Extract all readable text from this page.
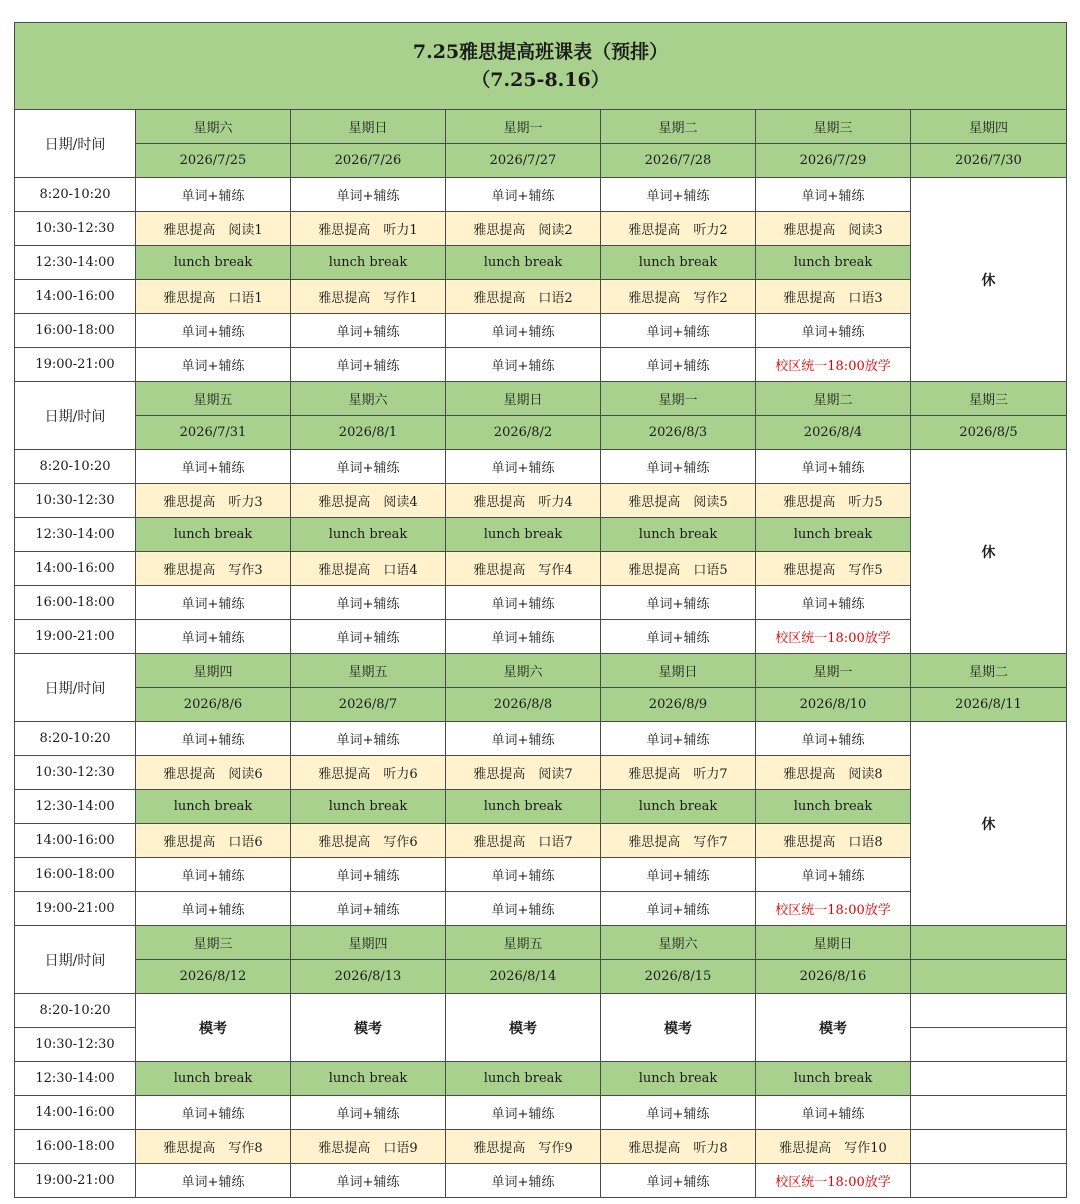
7.25雅思提高班课表（预排）
（7.25-8.16）						

日期/时间	星期六	星期日	星期一	星期二	星期三	星期四
	2026/7/25	2026/7/26	2026/7/27	2026/7/28	2026/7/29	2026/7/30
8:20-10:20	单词+辅练	单词+辅练	单词+辅练	单词+辅练	单词+辅练	休
10:30-12:30	雅思提高　阅读1	雅思提高　听力1	雅思提高　阅读2	雅思提高　听力2	雅思提高　阅读3	
12:30-14:00	lunch break	lunch break	lunch break	lunch break	lunch break	
14:00-16:00	雅思提高　口语1	雅思提高　写作1	雅思提高　口语2	雅思提高　写作2	雅思提高　口语3	
16:00-18:00	单词+辅练	单词+辅练	单词+辅练	单词+辅练	单词+辅练	
19:00-21:00	单词+辅练	单词+辅练	单词+辅练	单词+辅练	校区统一18:00放学	
日期/时间	星期五	星期六	星期日	星期一	星期二	星期三
	2026/7/31	2026/8/1	2026/8/2	2026/8/3	2026/8/4	2026/8/5
8:20-10:20	单词+辅练	单词+辅练	单词+辅练	单词+辅练	单词+辅练	休
10:30-12:30	雅思提高　听力3	雅思提高　阅读4	雅思提高　听力4	雅思提高　阅读5	雅思提高　听力5	
12:30-14:00	lunch break	lunch break	lunch break	lunch break	lunch break	
14:00-16:00	雅思提高　写作3	雅思提高　口语4	雅思提高　写作4	雅思提高　口语5	雅思提高　写作5	
16:00-18:00	单词+辅练	单词+辅练	单词+辅练	单词+辅练	单词+辅练	
19:00-21:00	单词+辅练	单词+辅练	单词+辅练	单词+辅练	校区统一18:00放学	
日期/时间	星期四	星期五	星期六	星期日	星期一	星期二
	2026/8/6	2026/8/7	2026/8/8	2026/8/9	2026/8/10	2026/8/11
8:20-10:20	单词+辅练	单词+辅练	单词+辅练	单词+辅练	单词+辅练	休
10:30-12:30	雅思提高　阅读6	雅思提高　听力6	雅思提高　阅读7	雅思提高　听力7	雅思提高　阅读8	
12:30-14:00	lunch break	lunch break	lunch break	lunch break	lunch break	
14:00-16:00	雅思提高　口语6	雅思提高　写作6	雅思提高　口语7	雅思提高　写作7	雅思提高　口语8	
16:00-18:00	单词+辅练	单词+辅练	单词+辅练	单词+辅练	单词+辅练	
19:00-21:00	单词+辅练	单词+辅练	单词+辅练	单词+辅练	校区统一18:00放学	
日期/时间	星期三	星期四	星期五	星期六	星期日	
	2026/8/12	2026/8/13	2026/8/14	2026/8/15	2026/8/16	
8:20-10:20	模考	模考	模考	模考	模考	
10:30-12:30						
12:30-14:00	lunch break	lunch break	lunch break	lunch break	lunch break	
14:00-16:00	单词+辅练	单词+辅练	单词+辅练	单词+辅练	单词+辅练	
16:00-18:00	雅思提高　写作8	雅思提高　口语9	雅思提高　写作9	雅思提高　听力8	雅思提高　写作10	
19:00-21:00	单词+辅练	单词+辅练	单词+辅练	单词+辅练	校区统一18:00放学	
